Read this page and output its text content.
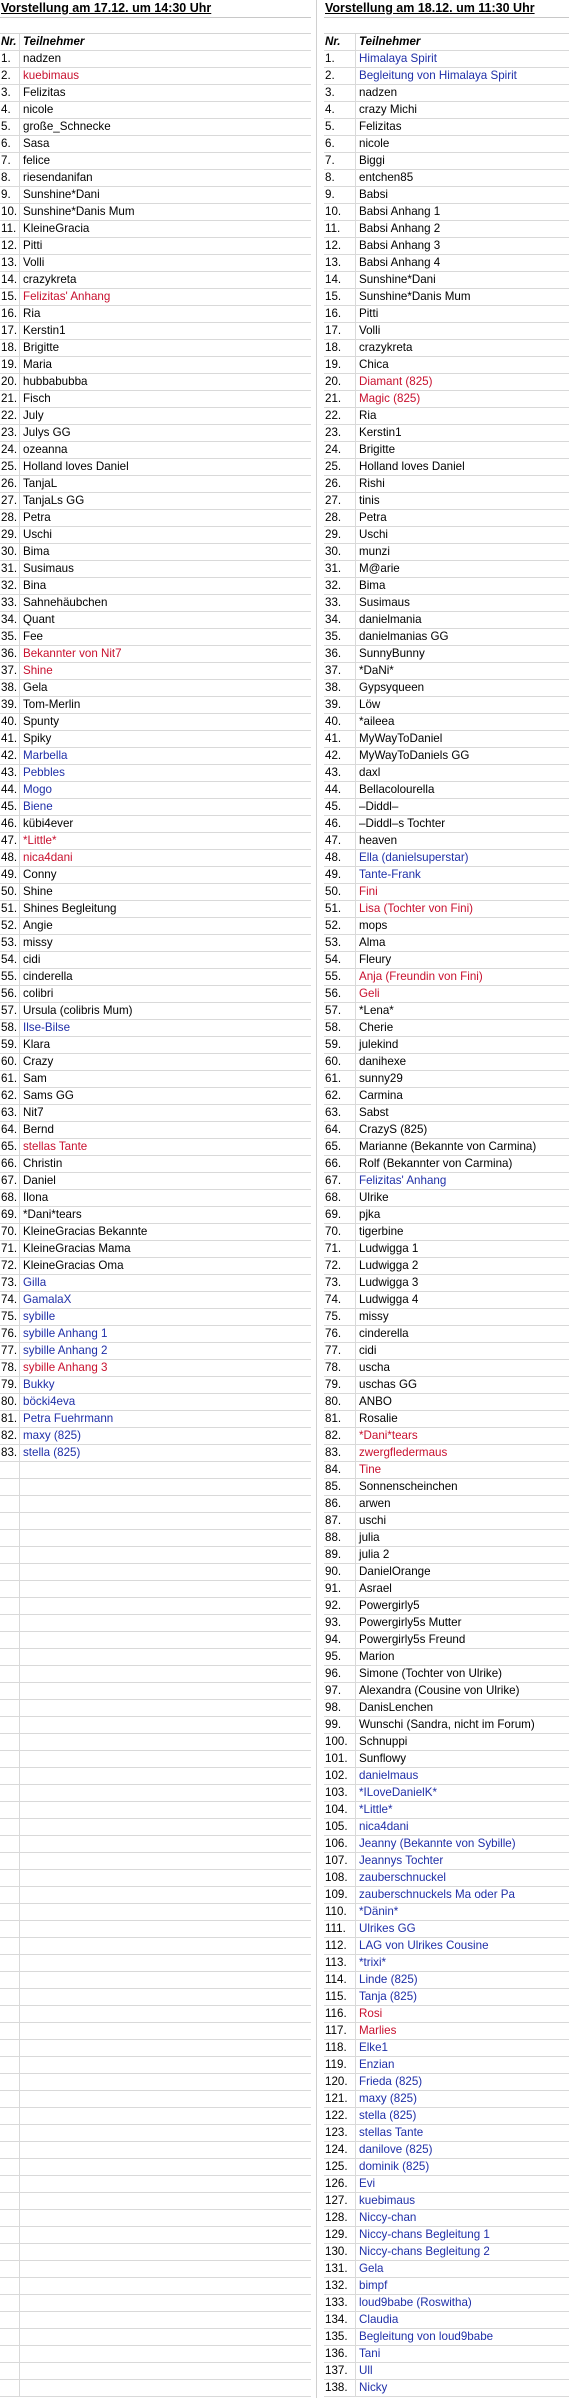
Vorstellung am 17.12. um 14:30 Uhr
Nr. Teilnehmer
1.	nadzen
2.	kuebimaus
3.	Felizitas
4.	nicole
5.	große_Schnecke
6.	Sasa
7.	felice
8.	riesendanifan
9.	Sunshine*Dani
10. Sunshine*Danis Mum
11. KleineGracia
12. Pitti
13. Volli
14. crazykreta
15. Felizitas' Anhang
16. Ria
17. Kerstin1
18. Brigitte
19. Maria
20. hubbabubba
21. Fisch
22. July
23. Julys GG
24. ozeanna
25. Holland loves Daniel
26. TanjaL
27. TanjaLs GG
28. Petra
29. Uschi
30. Bima
31. Susimaus
32. Bina
33. Sahnehäubchen
34. Quant
35. Fee
36. Bekannter von Nit7
37. Shine
38. Gela
39. Tom-Merlin
40. Spunty
41. Spiky
42. Marbella
43. Pebbles
44. Mogo
45. Biene
46. kübi4ever
47. *Little*
48. nica4dani
49. Conny
50. Shine
51. Shines Begleitung
52. Angie
53. missy
54. cidi
55. cinderella
56. colibri
57. Ursula (colibris Mum)
58. Ilse-Bilse
59. Klara
60. Crazy
61. Sam
62. Sams GG
63. Nit7
64. Bernd
65. stellas Tante
66. Christin
67. Daniel
68. Ilona
69. *Dani*tears
70. KleineGracias Bekannte
71. KleineGracias Mama
72. KleineGracias Oma
73. Gilla
74. GamalaX
75. sybille
76. sybille Anhang 1
77. sybille Anhang 2
78. sybille Anhang 3
79. Bukky
80. böcki4eva
81. Petra Fuehrmann
82. maxy (825)
83. stella (825)
Vorstellung am 18.12. um 11:30 Uhr
Nr.	Teilnehmer
1.	Himalaya Spirit
2.	Begleitung von Himalaya Spirit
3.	nadzen
4.	crazy Michi
5.	Felizitas
6.	nicole
7.	Biggi
8.	entchen85
9.	Babsi
10.	Babsi Anhang 1
11.	Babsi Anhang 2
12.	Babsi Anhang 3
13.	Babsi Anhang 4
14.	Sunshine*Dani
15.	Sunshine*Danis Mum
16.	Pitti
17.	Volli
18.	crazykreta
19.	Chica
20.	Diamant (825)
21.	Magic (825)
22.	Ria
23.	Kerstin1
24.	Brigitte
25.	Holland loves Daniel
26.	Rishi
27.	tinis
28.	Petra
29.	Uschi
30.	munzi
31.	M@arie
32.	Bima
33.	Susimaus
34.	danielmania
35.	danielmanias GG
36.	SunnyBunny
37.	*DaNi*
38.	Gypsyqueen
39.	Löw
40.	*aileea
41.	MyWayToDaniel
42.	MyWayToDaniels GG
43.	daxl
44.	Bellacolourella
45.	–Diddl–
46.	–Diddl–s Tochter
47.	heaven
48.	Ella (danielsuperstar)
49.	Tante-Frank
50.	Fini
51.	Lisa (Tochter von Fini)
52.	mops
53.	Alma
54.	Fleury
55.	Anja (Freundin von Fini)
56.	Geli
57.	*Lena*
58.	Cherie
59.	julekind
60.	danihexe
61.	sunny29
62.	Carmina
63.	Sabst
64.	CrazyS (825)
65.	Marianne (Bekannte von Carmina)
66.	Rolf (Bekannter von Carmina)
67.	Felizitas' Anhang
68.	Ulrike
69.	pjka
70.	tigerbine
71.	Ludwigga 1
72.	Ludwigga 2
73.	Ludwigga 3
74.	Ludwigga 4
75.	missy
76.	cinderella
77.	cidi
78.	uscha
79.	uschas GG
80.	ANBO
81.	Rosalie
82.	*Dani*tears
83.	zwergfledermaus
84.	Tine
85.	Sonnenscheinchen
86.	arwen
87.	uschi
88.	julia
89.	julia 2
90.	DanielOrange
91.	Asrael
92.	Powergirly5
93.	Powergirly5s Mutter
94.	Powergirly5s Freund
95.	Marion
96.	Simone (Tochter von Ulrike)
97.	Alexandra (Cousine von Ulrike)
98.	DanisLenchen
99.	Wunschi (Sandra, nicht im Forum)
100. Schnuppi
101. Sunflowy
102. danielmaus
103. *ILoveDanielK*
104. *Little*
105. nica4dani
106. Jeanny (Bekannte von Sybille)
107. Jeannys Tochter
108. zauberschnuckel
109. zauberschnuckels Ma oder Pa
110.	*Dänin*
111.	Ulrikes GG
112.	LAG von Ulrikes Cousine
113.	*trixi*
114.	Linde (825)
115.	Tanja (825)
116.	Rosi
117.	Marlies
118.	Elke1
119.	Enzian
120. Frieda (825)
121. maxy (825)
122. stella (825)
123. stellas Tante
124. danilove (825)
125. dominik (825)
126. Evi
127. kuebimaus
128. Niccy-chan
129. Niccy-chans Begleitung 1
130. Niccy-chans Begleitung 2
131. Gela
132. bimpf
133. loud9babe (Roswitha)
134. Claudia
135. Begleitung von loud9babe
136. Tani
137. Ull
138. Nicky
